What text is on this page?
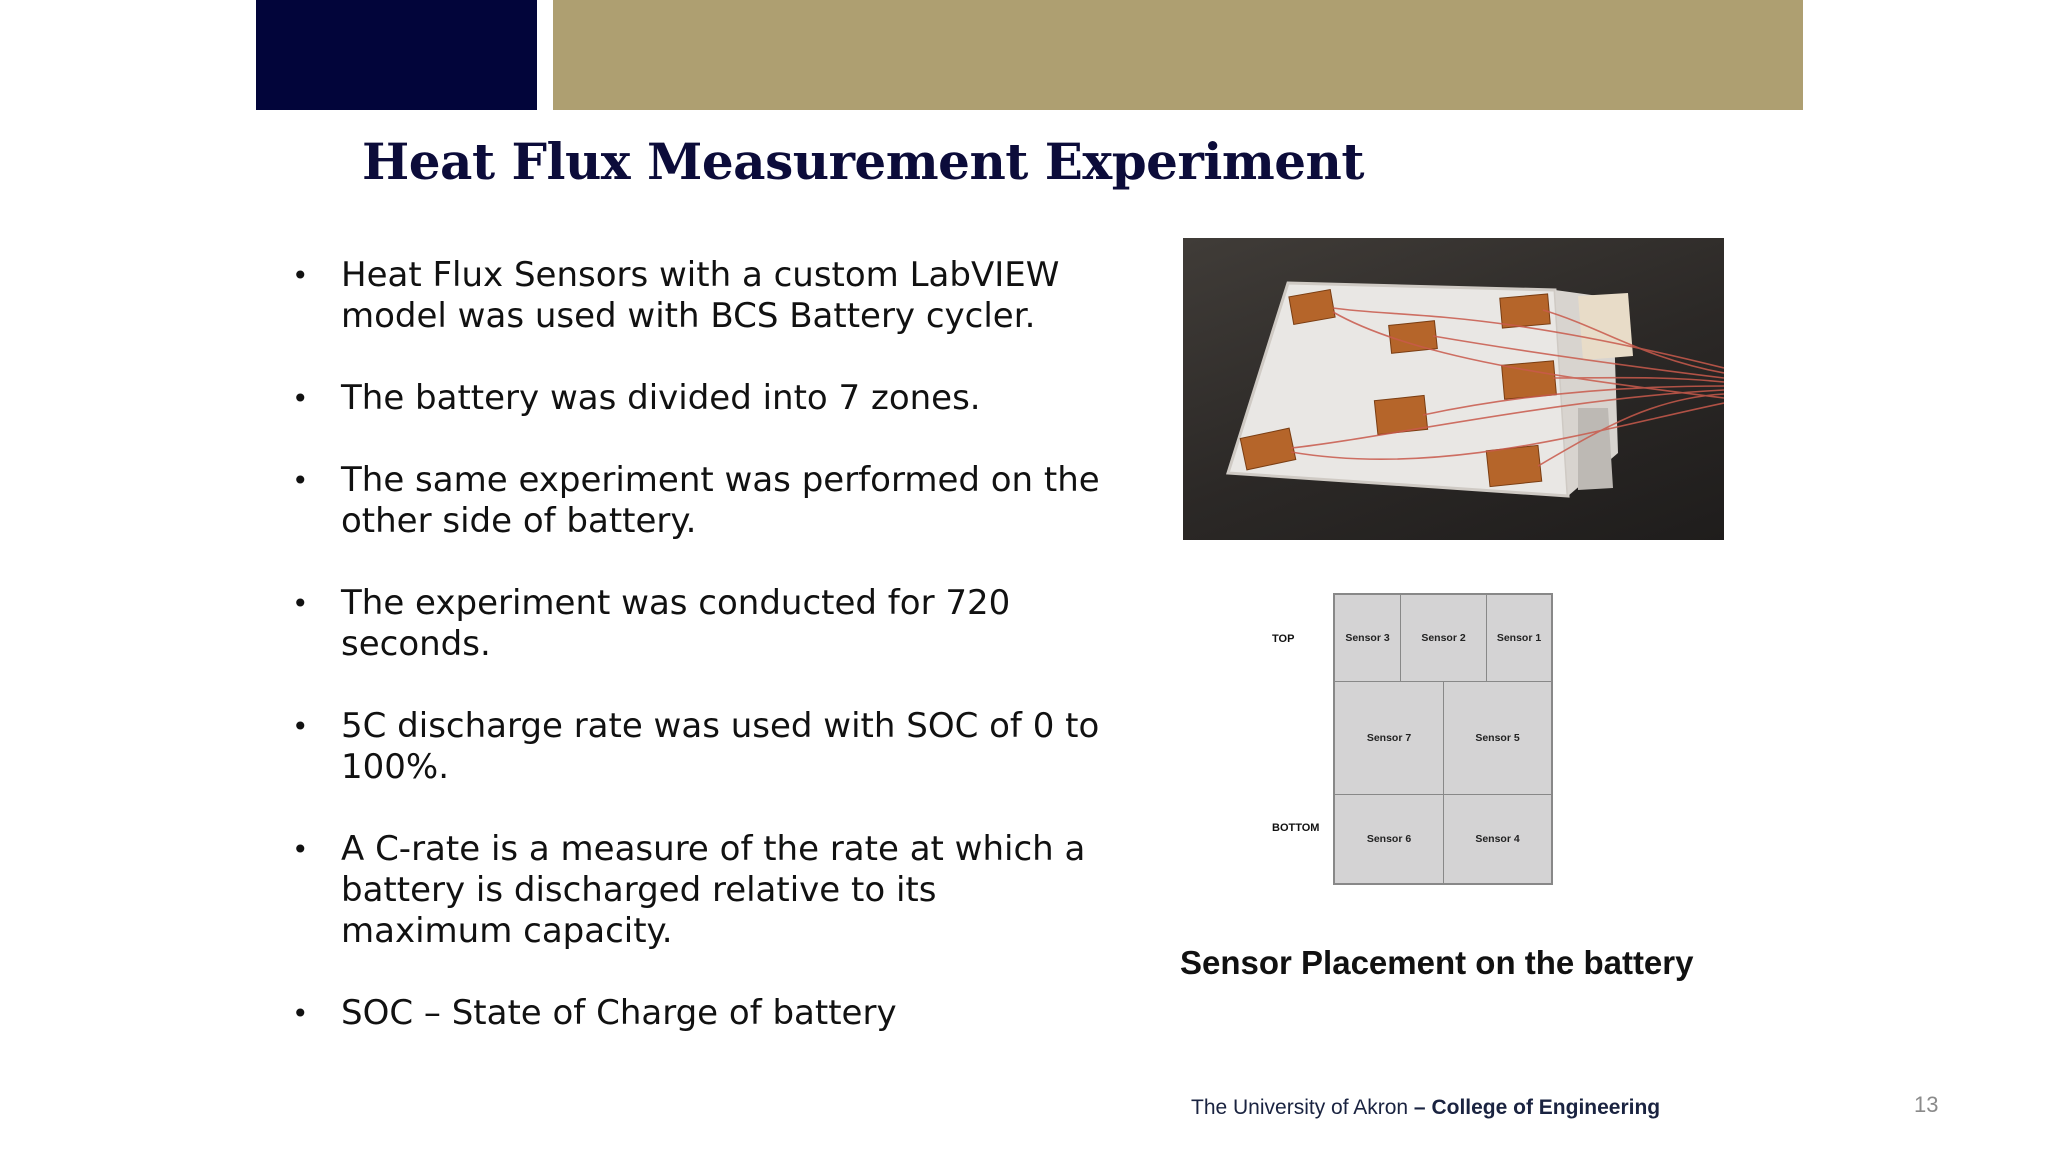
Heat Flux Measurement Experiment
• Heat Flux Sensors with a custom LabVIEW model was used with BCS Battery cycler.
• The battery was divided into 7 zones.
• The same experiment was performed on the other side of battery.
• The experiment was conducted for 720 seconds.
• 5C discharge rate was used with SOC of 0 to 100%.
• A C-rate is a measure of the rate at which a battery is discharged relative to its maximum capacity.
• SOC – State of Charge of battery
TOP
BOTTOM
Sensor 3	Sensor 2	Sensor 1
Sensor 7	Sensor 5
Sensor 6	Sensor 4
Sensor Placement on the battery
The University of Akron – College of Engineering	13
